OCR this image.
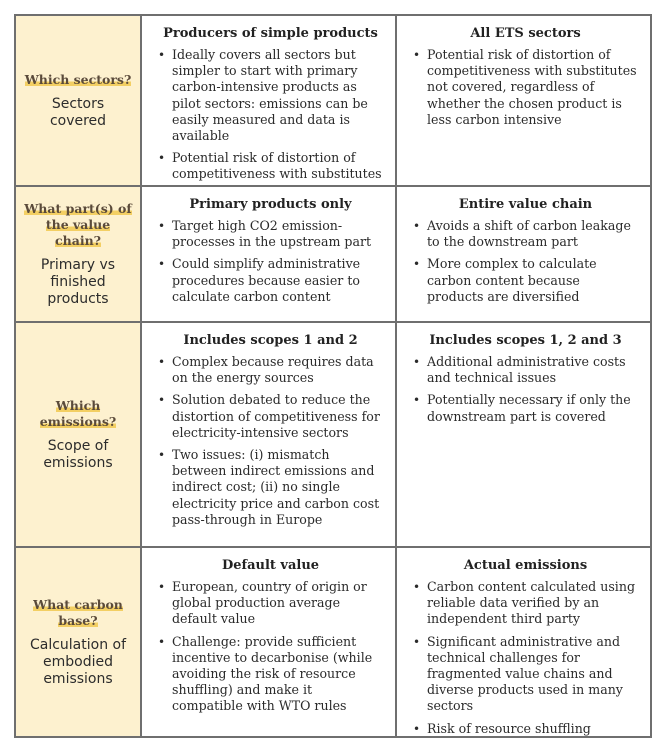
Which sectors?
Sectors covered
Producers of simple products
• Ideally covers all sectors but simpler to start with primary carbon-intensive products as pilot sectors: emissions can be easily measured and data is available
• Potential risk of distortion of competitiveness with substitutes
All ETS sectors
• Potential risk of distortion of competitiveness with substitutes not covered, regardless of whether the chosen product is less carbon intensive
What part(s) of the value chain?
Primary vs finished products
Primary products only
• Target high CO2 emission-processes in the upstream part
• Could simplify administrative procedures because easier to calculate carbon content
Entire value chain
• Avoids a shift of carbon leakage to the downstream part
• More complex to calculate carbon content because products are diversified
Which emissions?
Scope of emissions
Includes scopes 1 and 2
• Complex because requires data on the energy sources
• Solution debated to reduce the distortion of competitiveness for electricity-intensive sectors
• Two issues: (i) mismatch between indirect emissions and indirect cost; (ii) no single electricity price and carbon cost pass-through in Europe
Includes scopes 1, 2 and 3
• Additional administrative costs and technical issues
• Potentially necessary if only the downstream part is covered
What carbon base?
Calculation of embodied emissions
Default value
• European, country of origin or global production average default value
• Challenge: provide sufficient incentive to decarbonise (while avoiding the risk of resource shuffling) and make it compatible with WTO rules
Actual emissions
• Carbon content calculated using reliable data verified by an independent third party
• Significant administrative and technical challenges for fragmented value chains and diverse products used in many sectors
• Risk of resource shuffling
